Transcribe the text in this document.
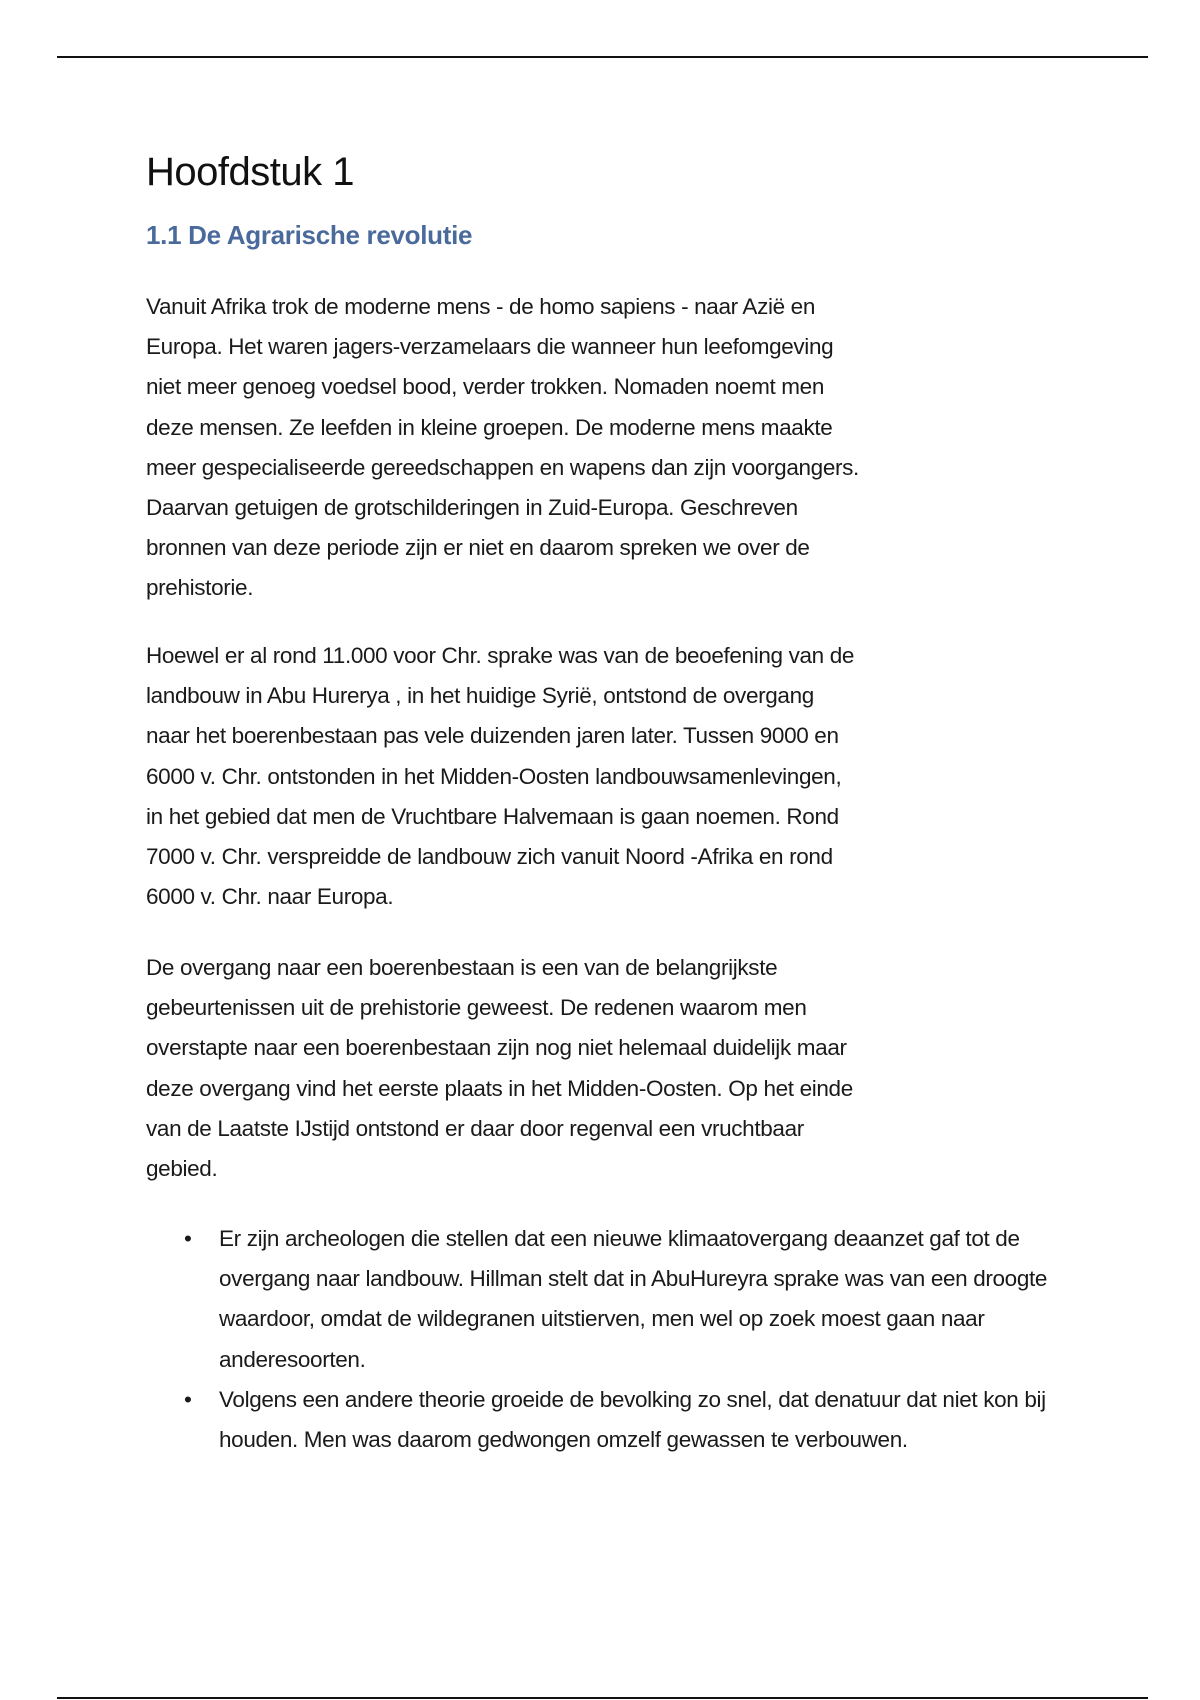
Hoofdstuk 1
1.1 De Agrarische revolutie
Vanuit Afrika trok de moderne mens - de homo sapiens - naar Azië en
Europa. Het waren jagers-verzamelaars die wanneer hun leefomgeving
niet meer genoeg voedsel bood, verder trokken. Nomaden noemt men
deze mensen. Ze leefden in kleine groepen. De moderne mens maakte
meer gespecialiseerde gereedschappen en wapens dan zijn voorgangers.
Daarvan getuigen de grotschilderingen in Zuid-Europa. Geschreven
bronnen van deze periode zijn er niet en daarom spreken we over de
prehistorie.
Hoewel er al rond 11.000 voor Chr. sprake was van de beoefening van de
landbouw in Abu Hurerya , in het huidige Syrië, ontstond de overgang
naar het boerenbestaan pas vele duizenden jaren later. Tussen 9000 en
6000 v. Chr. ontstonden in het Midden-Oosten landbouwsamenlevingen,
in het gebied dat men de Vruchtbare Halvemaan is gaan noemen. Rond
7000 v. Chr. verspreidde de landbouw zich vanuit Noord -Afrika en rond
6000 v. Chr. naar Europa.
De overgang naar een boerenbestaan is een van de belangrijkste
gebeurtenissen uit de prehistorie geweest. De redenen waarom men
overstapte naar een boerenbestaan zijn nog niet helemaal duidelijk maar
deze overgang vind het eerste plaats in het Midden-Oosten. Op het einde
van de Laatste IJstijd ontstond er daar door regenval een vruchtbaar
gebied.
• Er zijn archeologen die stellen dat een nieuwe klimaatovergang deaanzet gaf tot de overgang naar landbouw. Hillman stelt dat in AbuHureyra sprake was van een droogte waardoor, omdat de wildegranen uitstierven, men wel op zoek moest gaan naar anderesoorten.
• Volgens een andere theorie groeide de bevolking zo snel, dat denatuur dat niet kon bij houden. Men was daarom gedwongen omzelf gewassen te verbouwen.
